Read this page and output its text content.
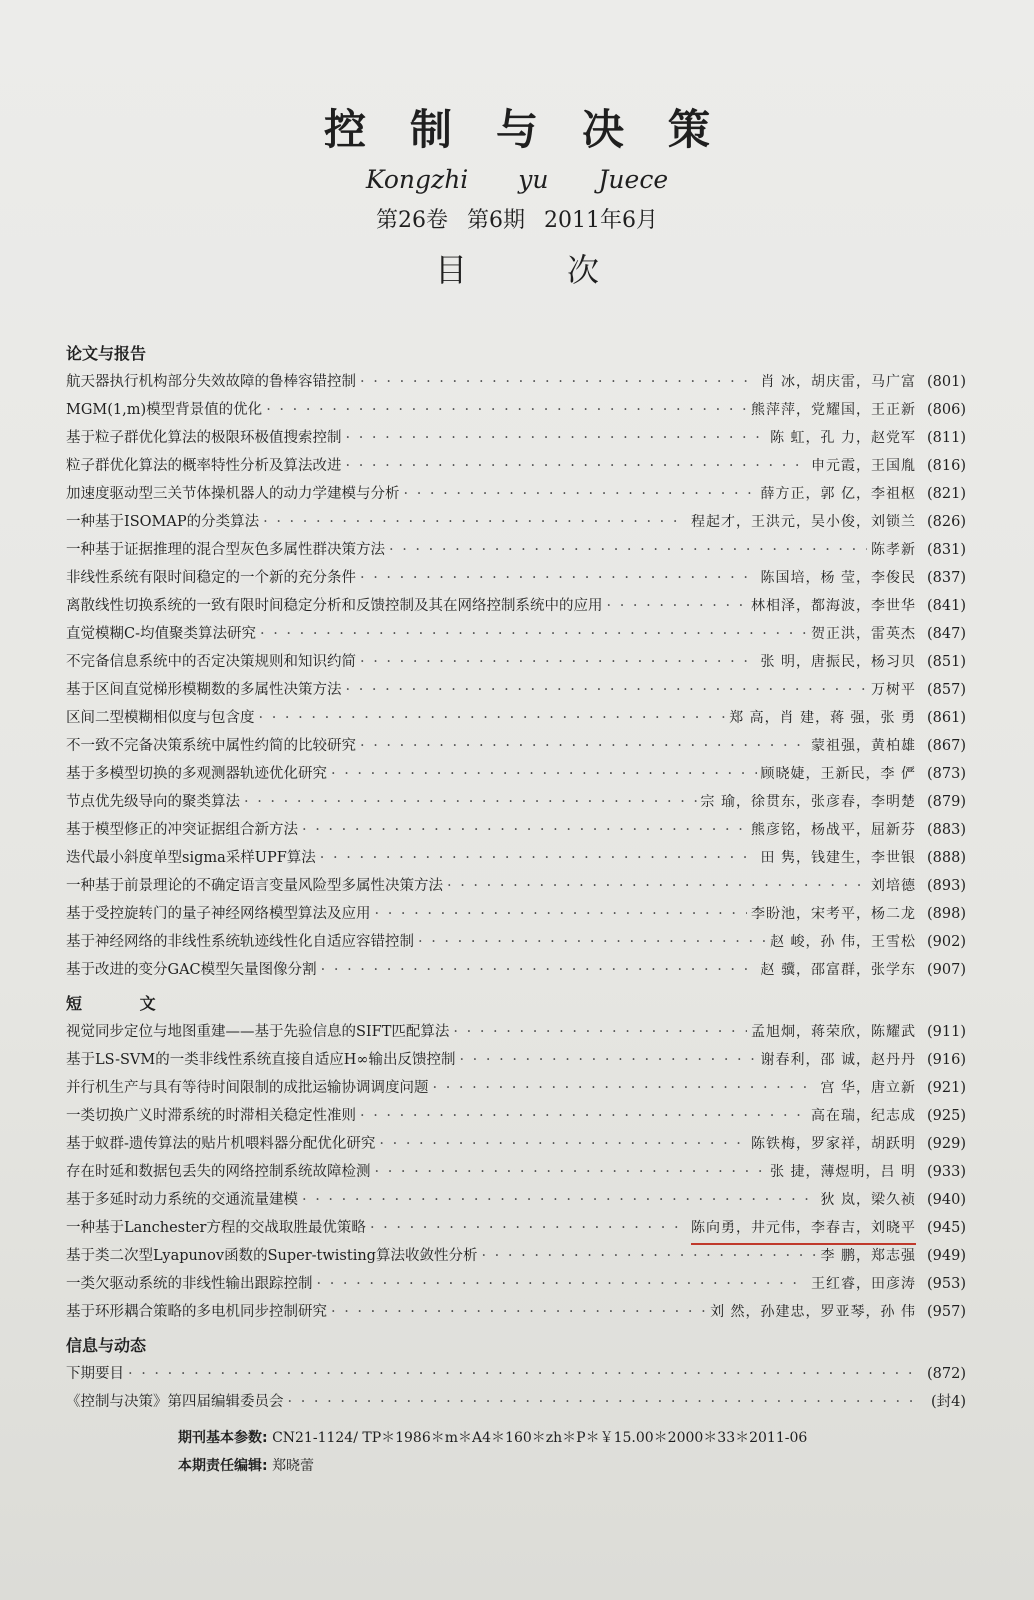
控制与决策
Kongzhi yu Juece
第26卷 第6期 2011年6月
目次
论文与报告
航天器执行机构部分失效故障的鲁棒容错控制 · · ·	肖 冰，胡庆雷，马广富 (801)
MGM(1,m)模型背景值的优化 · · ·	熊萍萍，党耀国，王正新 (806)
基于粒子群优化算法的极限环极值搜索控制 · · ·	陈 虹，孔 力，赵党军 (811)
粒子群优化算法的概率特性分析及算法改进 · · ·	申元霞，王国胤 (816)
加速度驱动型三关节体操机器人的动力学建模与分析 · · ·	薛方正，郭 亿，李祖枢 (821)
一种基于ISOMAP的分类算法 · · ·	程起才，王洪元，吴小俊，刘锁兰 (826)
一种基于证据推理的混合型灰色多属性群决策方法 · · ·	陈孝新 (831)
非线性系统有限时间稳定的一个新的充分条件 · · ·	陈国培，杨 莹，李俊民 (837)
离散线性切换系统的一致有限时间稳定分析和反馈控制及其在网络控制系统中的应用 · · ·	林相泽，都海波，李世华 (841)
直觉模糊C-均值聚类算法研究 · · ·	贺正洪，雷英杰 (847)
不完备信息系统中的否定决策规则和知识约简 · · ·	张 明，唐振民，杨习贝 (851)
基于区间直觉梯形模糊数的多属性决策方法 · · ·	万树平 (857)
区间二型模糊相似度与包含度 · · ·	郑 高，肖 建，蒋 强，张 勇 (861)
不一致不完备决策系统中属性约简的比较研究 · · ·	蒙祖强，黄柏雄 (867)
基于多模型切换的多观测器轨迹优化研究 · · ·	顾晓婕，王新民，李 俨 (873)
节点优先级导向的聚类算法 · · ·	宗 瑜，徐贯东，张彦春，李明楚 (879)
基于模型修正的冲突证据组合新方法 · · ·	熊彦铭，杨战平，屈新芬 (883)
迭代最小斜度单型sigma采样UPF算法 · · ·	田 隽，钱建生，李世银 (888)
一种基于前景理论的不确定语言变量风险型多属性决策方法 · · ·	刘培德 (893)
基于受控旋转门的量子神经网络模型算法及应用 · · ·	李盼池，宋考平，杨二龙 (898)
基于神经网络的非线性系统轨迹线性化自适应容错控制 · · ·	赵 峻，孙 伟，王雪松 (902)
基于改进的变分GAC模型矢量图像分割 · · ·	赵 骥，邵富群，张学东 (907)
短 文
视觉同步定位与地图重建——基于先验信息的SIFT匹配算法 · · ·	孟旭炯，蒋荣欣，陈耀武 (911)
基于LS-SVM的一类非线性系统直接自适应H∞输出反馈控制 · · ·	谢春利，邵 诚，赵丹丹 (916)
并行机生产与具有等待时间限制的成批运输协调调度问题 · · ·	宫 华，唐立新 (921)
一类切换广义时滞系统的时滞相关稳定性准则 · · ·	高在瑞，纪志成 (925)
基于蚁群-遗传算法的贴片机喂料器分配优化研究 · · ·	陈铁梅，罗家祥，胡跃明 (929)
存在时延和数据包丢失的网络控制系统故障检测 · · ·	张 捷，薄煜明，吕 明 (933)
基于多延时动力系统的交通流量建模 · · ·	狄 岚，梁久祯 (940)
一种基于Lanchester方程的交战取胜最优策略 · · ·	陈向勇，井元伟，李春吉，刘晓平 (945)
基于类二次型Lyapunov函数的Super-twisting算法收敛性分析 · · ·	李 鹏，郑志强 (949)
一类欠驱动系统的非线性输出跟踪控制 · · ·	王红睿，田彦涛 (953)
基于环形耦合策略的多电机同步控制研究 · · ·	刘 然，孙建忠，罗亚琴，孙 伟 (957)
信息与动态
下期要目 · · ·	(872)
《控制与决策》第四届编辑委员会 · · ·	(封4)
期刊基本参数: CN21-1124/ TP＊1986＊m＊A4＊160＊zh＊P＊￥15.00＊2000＊33＊2011-06
本期责任编辑: 郑晓蕾
